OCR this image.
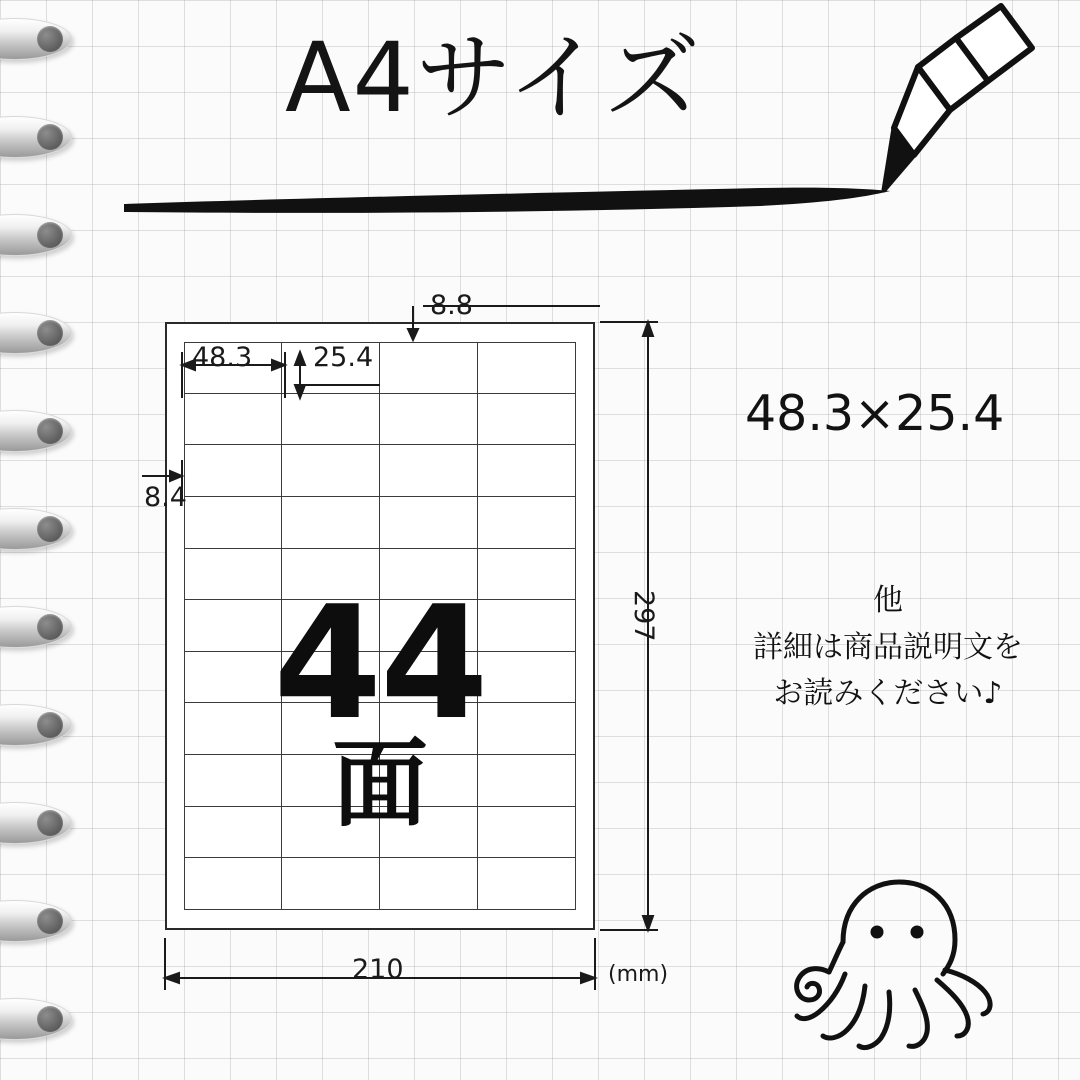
A4サイズ
44
面
8.8
48.3 25.4
8.4
297
210	(mm)
48.3×25.4
他
詳細は商品説明文を
お読みください♪
